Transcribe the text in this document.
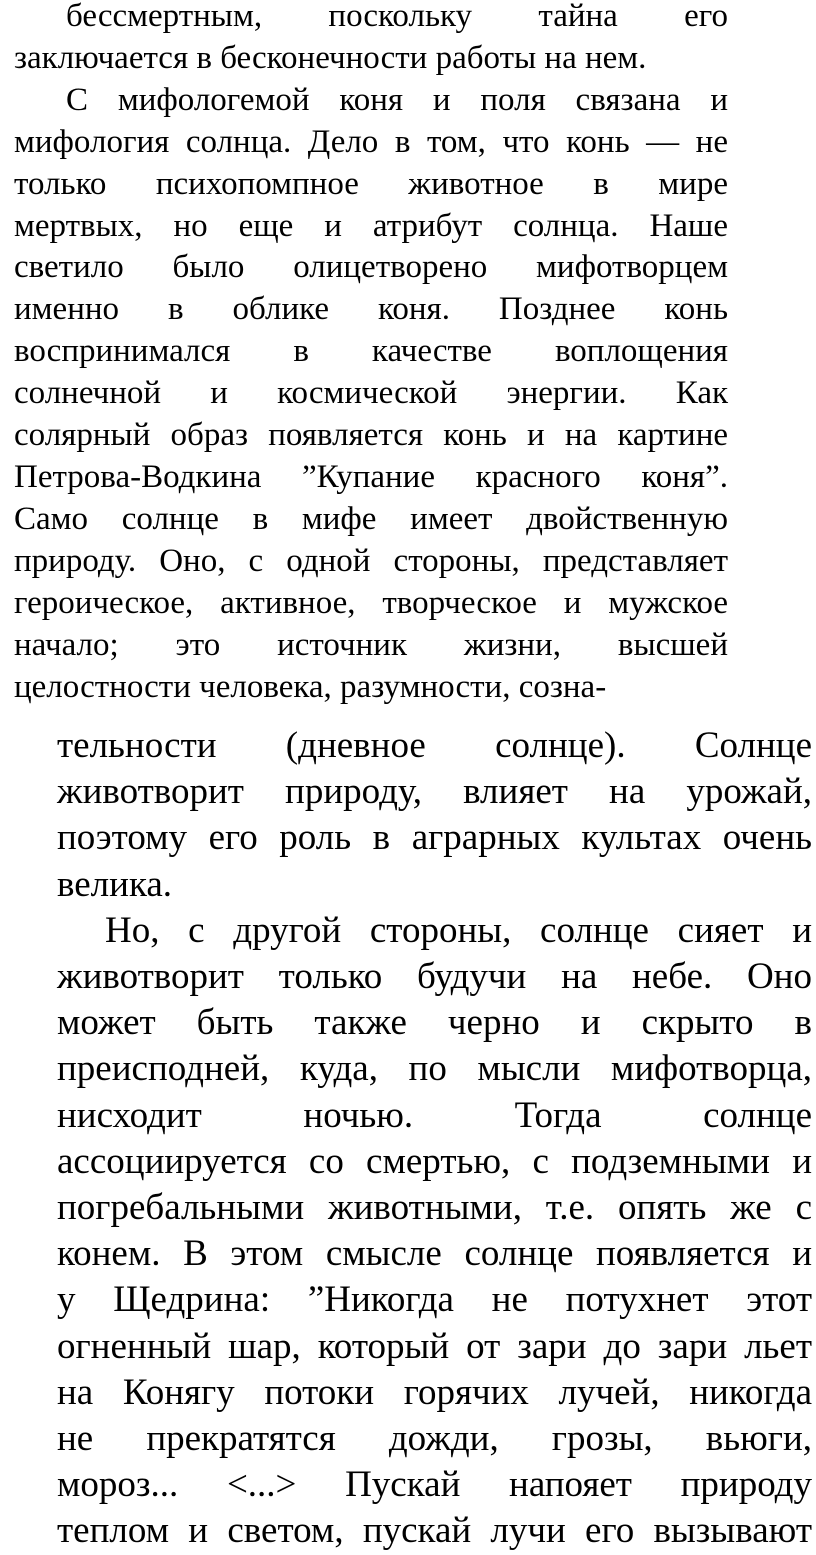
бессмертным, поскольку тайна его
заключается в бесконечности работы на нем.
С мифологемой коня и поля связана и
мифология солнца. Дело в том, что конь — не
только психопомпное животное в мире
мертвых, но еще и атрибут солнца. Наше
светило было олицетворено мифотворцем
именно в облике коня. Позднее конь
воспринимался в качестве воплощения
солнечной и космической энергии. Как
солярный образ появляется конь и на картине
Петрова-Водкина ”Купание красного коня”.
Само солнце в мифе имеет двойственную
природу. Оно, с одной стороны, представляет
героическое, активное, творческое и мужское
начало; это источник жизни, высшей
целостности человека, разумности, созна-
тельности (дневное солнце). Солнце
животворит природу, влияет на урожай,
поэтому его роль в аграрных культах очень
велика.
Но, с другой стороны, солнце сияет и
животворит только будучи на небе. Оно
может быть также черно и скрыто в
преисподней, куда, по мысли мифотворца,
нисходит ночью. Тогда солнце
ассоциируется со смертью, с подземными и
погребальными животными, т.е. опять же с
конем. В этом смысле солнце появляется и
у Щедрина: ”Никогда не потухнет этот
огненный шар, который от зари до зари льет
на Конягу потоки горячих лучей, никогда
не прекратятся дожди, грозы, вьюги,
мороз... <...> Пускай напояет природу
теплом и светом, пускай лучи его вызывают
